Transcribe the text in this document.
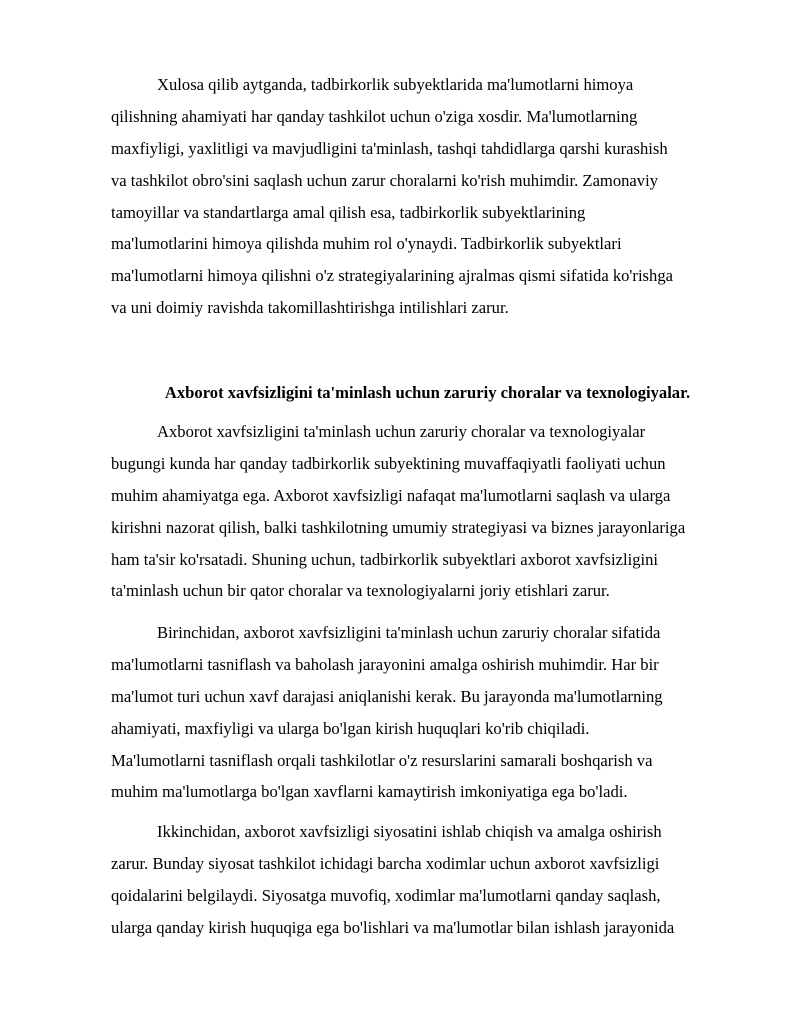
Xulosa qilib aytganda, tadbirkorlik subyektlarida ma'lumotlarni himoya
qilishning ahamiyati har qanday tashkilot uchun o'ziga xosdir. Ma'lumotlarning
maxfiyligi, yaxlitligi va mavjudligini ta'minlash, tashqi tahdidlarga qarshi kurashish
va tashkilot obro'sini saqlash uchun zarur choralarni ko'rish muhimdir. Zamonaviy
tamoyillar va standartlarga amal qilish esa, tadbirkorlik subyektlarining
ma'lumotlarini himoya qilishda muhim rol o'ynaydi. Tadbirkorlik subyektlari
ma'lumotlarni himoya qilishni o'z strategiyalarining ajralmas qismi sifatida ko'rishga
va uni doimiy ravishda takomillashtirishga intilishlari zarur.

Axborot xavfsizligini ta'minlash uchun zaruriy choralar va texnologiyalar.

Axborot xavfsizligini ta'minlash uchun zaruriy choralar va texnologiyalar
bugungi kunda har qanday tadbirkorlik subyektining muvaffaqiyatli faoliyati uchun
muhim ahamiyatga ega. Axborot xavfsizligi nafaqat ma'lumotlarni saqlash va ularga
kirishni nazorat qilish, balki tashkilotning umumiy strategiyasi va biznes jarayonlariga
ham ta'sir ko'rsatadi. Shuning uchun, tadbirkorlik subyektlari axborot xavfsizligini
ta'minlash uchun bir qator choralar va texnologiyalarni joriy etishlari zarur.

Birinchidan, axborot xavfsizligini ta'minlash uchun zaruriy choralar sifatida
ma'lumotlarni tasniflash va baholash jarayonini amalga oshirish muhimdir. Har bir
ma'lumot turi uchun xavf darajasi aniqlanishi kerak. Bu jarayonda ma'lumotlarning
ahamiyati, maxfiyligi va ularga bo'lgan kirish huquqlari ko'rib chiqiladi.
Ma'lumotlarni tasniflash orqali tashkilotlar o'z resurslarini samarali boshqarish va
muhim ma'lumotlarga bo'lgan xavflarni kamaytirish imkoniyatiga ega bo'ladi.

Ikkinchidan, axborot xavfsizligi siyosatini ishlab chiqish va amalga oshirish
zarur. Bunday siyosat tashkilot ichidagi barcha xodimlar uchun axborot xavfsizligi
qoidalarini belgilaydi. Siyosatga muvofiq, xodimlar ma'lumotlarni qanday saqlash,
ularga qanday kirish huquqiga ega bo'lishlari va ma'lumotlar bilan ishlash jarayonida
